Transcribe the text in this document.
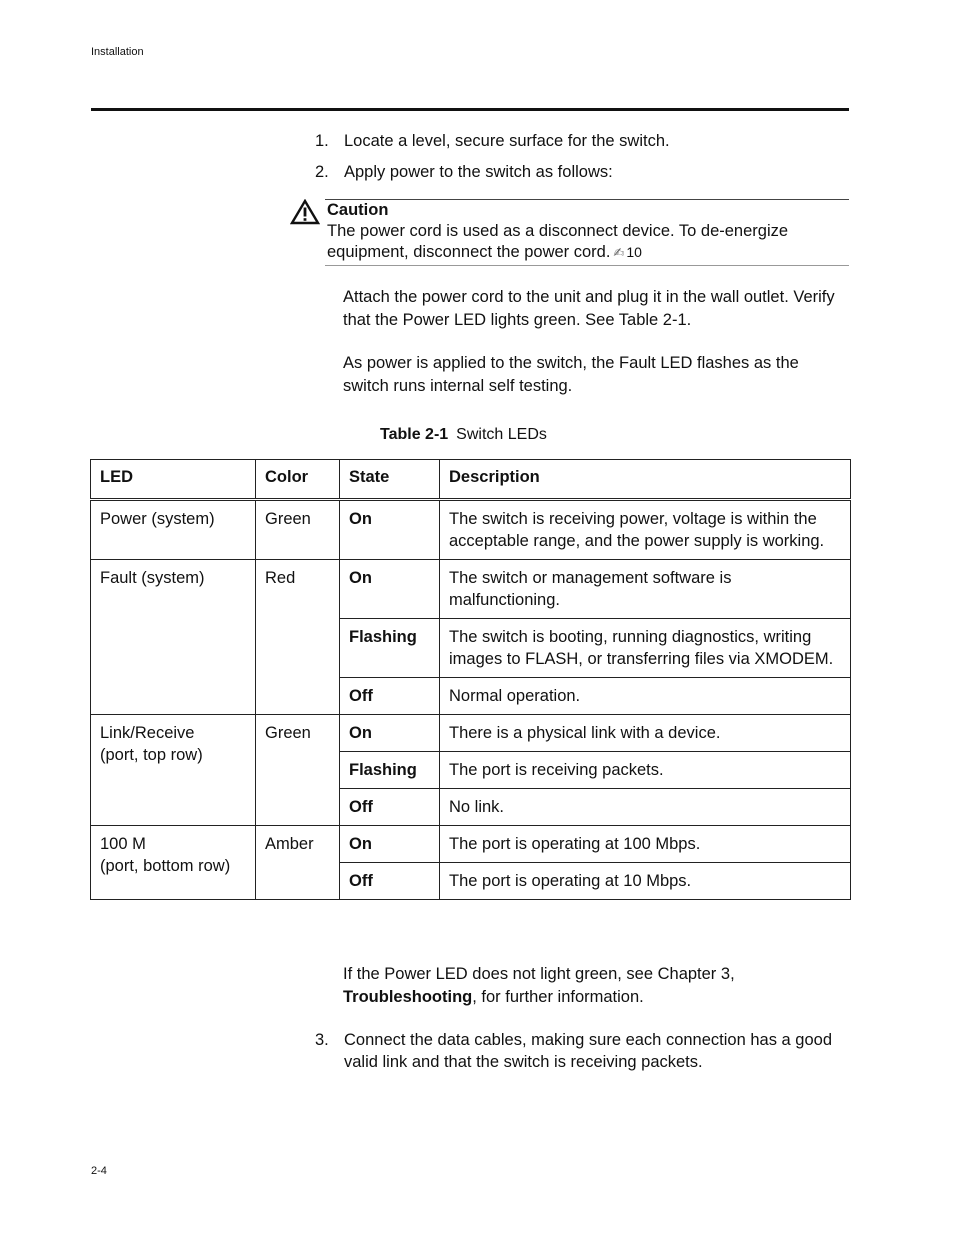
Installation
1. Locate a level, secure surface for the switch.
2. Apply power to the switch as follows:
Caution
The power cord is used as a disconnect device. To de-energize equipment, disconnect the power cord. ✍ 10
Attach the power cord to the unit and plug it in the wall outlet. Verify that the Power LED lights green. See Table 2-1.
As power is applied to the switch, the Fault LED flashes as the switch runs internal self testing.
Table 2-1 Switch LEDs
LED	Color	State	Description
Power (system)	Green	On	The switch is receiving power, voltage is within the acceptable range, and the power supply is working.
Fault (system)	Red	On	The switch or management software is malfunctioning.
		Flashing	The switch is booting, running diagnostics, writing images to FLASH, or transferring files via XMODEM.
		Off	Normal operation.
Link/Receive
(port, top row)	Green	On	There is a physical link with a device.
		Flashing	The port is receiving packets.
		Off	No link.
100 M
(port, bottom row)	Amber	On	The port is operating at 100 Mbps.
		Off	The port is operating at 10 Mbps.
If the Power LED does not light green, see Chapter 3,
Troubleshooting, for further information.
3. Connect the data cables, making sure each connection has a good valid link and that the switch is receiving packets.
2-4
